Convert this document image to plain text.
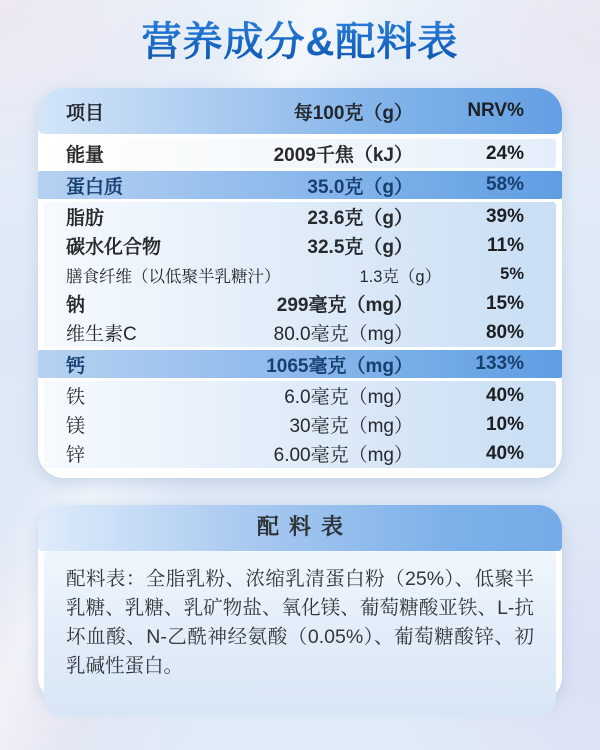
营养成分&配料表
项目	每100克（g）	NRV%
能量	2009千焦（kJ）	24%
蛋白质	35.0克（g）	58%
脂肪	23.6克（g）	39%
碳水化合物	32.5克（g）	11%
膳食纤维（以低聚半乳糖汁）	1.3克（g）	5%
钠	299毫克（mg）	15%
维生素C	80.0毫克（mg）	80%
钙	1065毫克（mg）	133%
铁	6.0毫克（mg）	40%
镁	30毫克（mg）	10%
锌	6.00毫克（mg）	40%
配料表
配料表：全脂乳粉、浓缩乳清蛋白粉（25%）、低聚半乳糖、乳糖、乳矿物盐、氧化镁、葡萄糖酸亚铁、L-抗坏血酸、N-乙酰神经氨酸（0.05%）、葡萄糖酸锌、初乳碱性蛋白。
